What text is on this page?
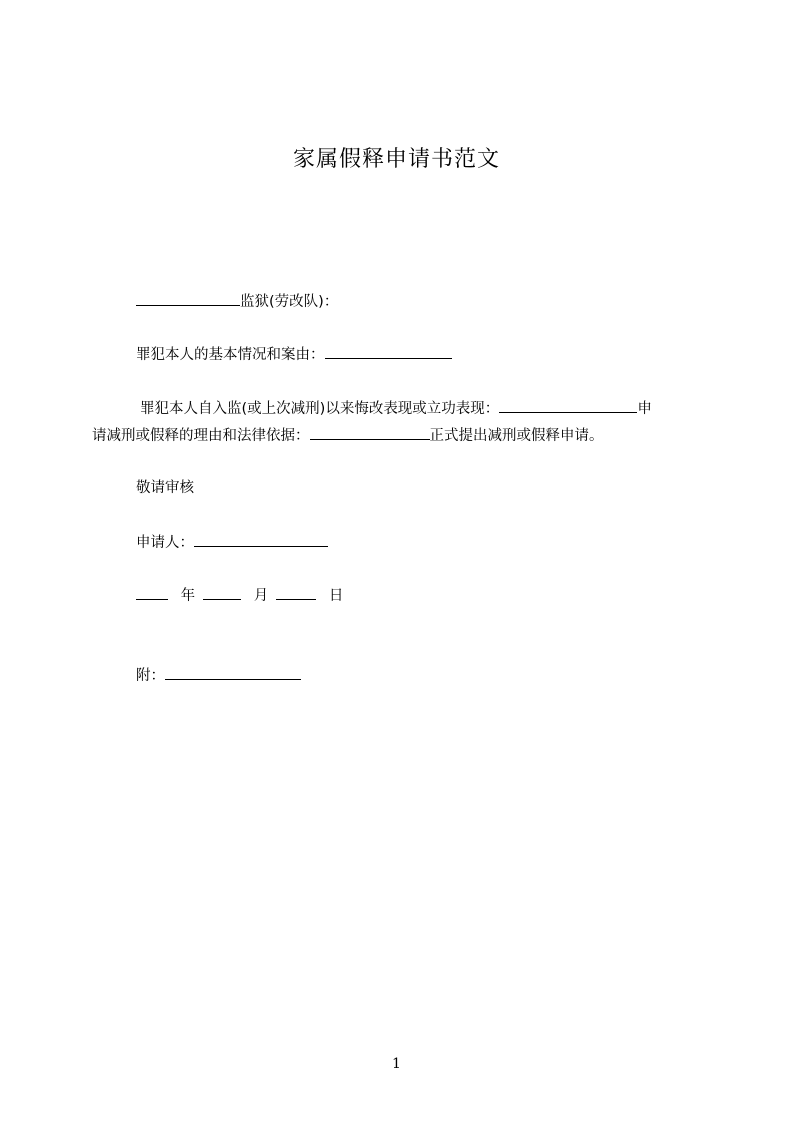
家属假释申请书范文
监狱(劳改队)：
罪犯本人的基本情况和案由：
罪犯本人自入监(或上次减刑)以来悔改表现或立功表现：	申
请减刑或假释的理由和法律依据：	正式提出减刑或假释申请。
敬请审核
申请人：
年	月	日
附：
1
